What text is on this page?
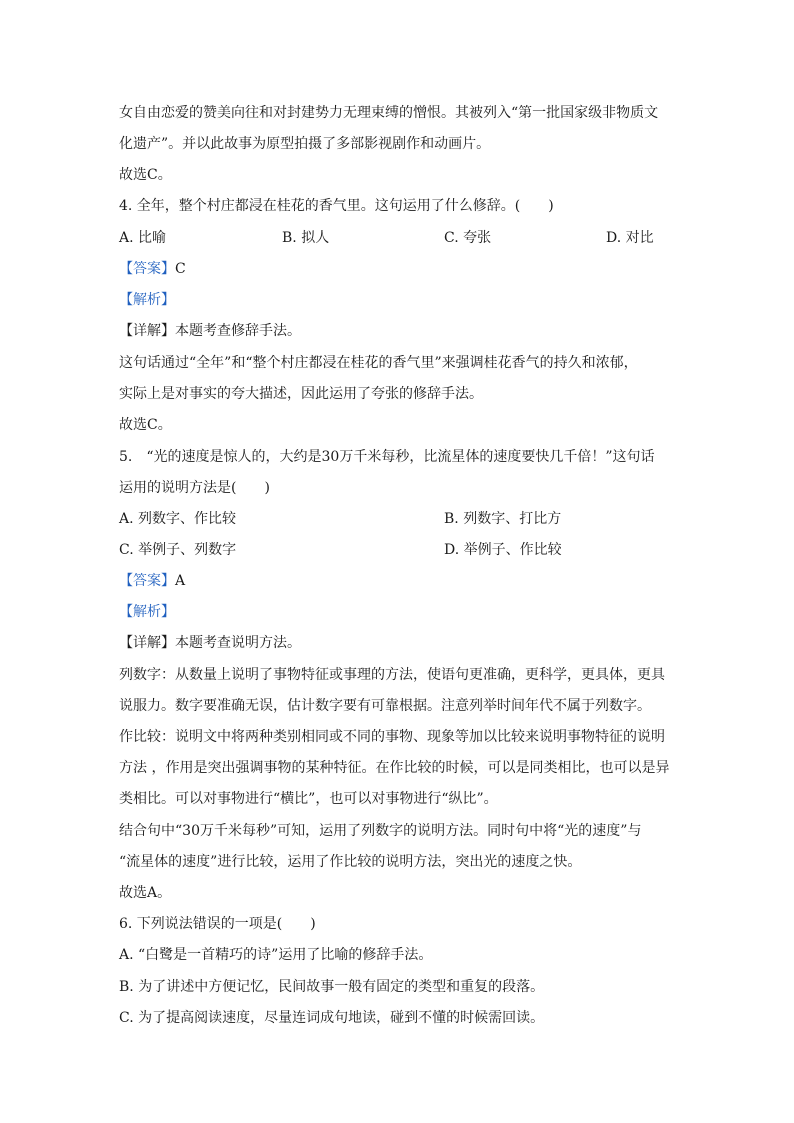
女自由恋爱的赞美向往和对封建势力无理束缚的憎恨。其被列入“第一批国家级非物质文
化遗产”。并以此故事为原型拍摄了多部影视剧作和动画片。
故选C。
4. 全年，整个村庄都浸在桂花的香气里。这句运用了什么修辞。(　　)
A. 比喻	B. 拟人	C. 夸张	D. 对比
【答案】C
【解析】
【详解】本题考查修辞手法。
这句话通过“全年”和“整个村庄都浸在桂花的香气里”来强调桂花香气的持久和浓郁，
实际上是对事实的夸大描述，因此运用了夸张的修辞手法。
故选C。
5.　“光的速度是惊人的，大约是30万千米每秒，比流星体的速度要快几千倍！”这句话
运用的说明方法是(　　)
A. 列数字、作比较	B. 列数字、打比方
C. 举例子、列数字	D. 举例子、作比较
【答案】A
【解析】
【详解】本题考查说明方法。
列数字：从数量上说明了事物特征或事理的方法，使语句更准确，更科学，更具体，更具
说服力。数字要准确无误，估计数字要有可靠根据。注意列举时间年代不属于列数字。
作比较：说明文中将两种类别相同或不同的事物、现象等加以比较来说明事物特征的说明
方法 ，作用是突出强调事物的某种特征。在作比较的时候，可以是同类相比，也可以是异
类相比。可以对事物进行“横比”，也可以对事物进行“纵比”。
结合句中“30万千米每秒”可知，运用了列数字的说明方法。同时句中将“光的速度”与
“流星体的速度”进行比较，运用了作比较的说明方法，突出光的速度之快。
故选A。
6. 下列说法错误的一项是(　　)
A. “白鹭是一首精巧的诗”运用了比喻的修辞手法。
B. 为了讲述中方便记忆，民间故事一般有固定的类型和重复的段落。
C. 为了提高阅读速度，尽量连词成句地读，碰到不懂的时候需回读。
